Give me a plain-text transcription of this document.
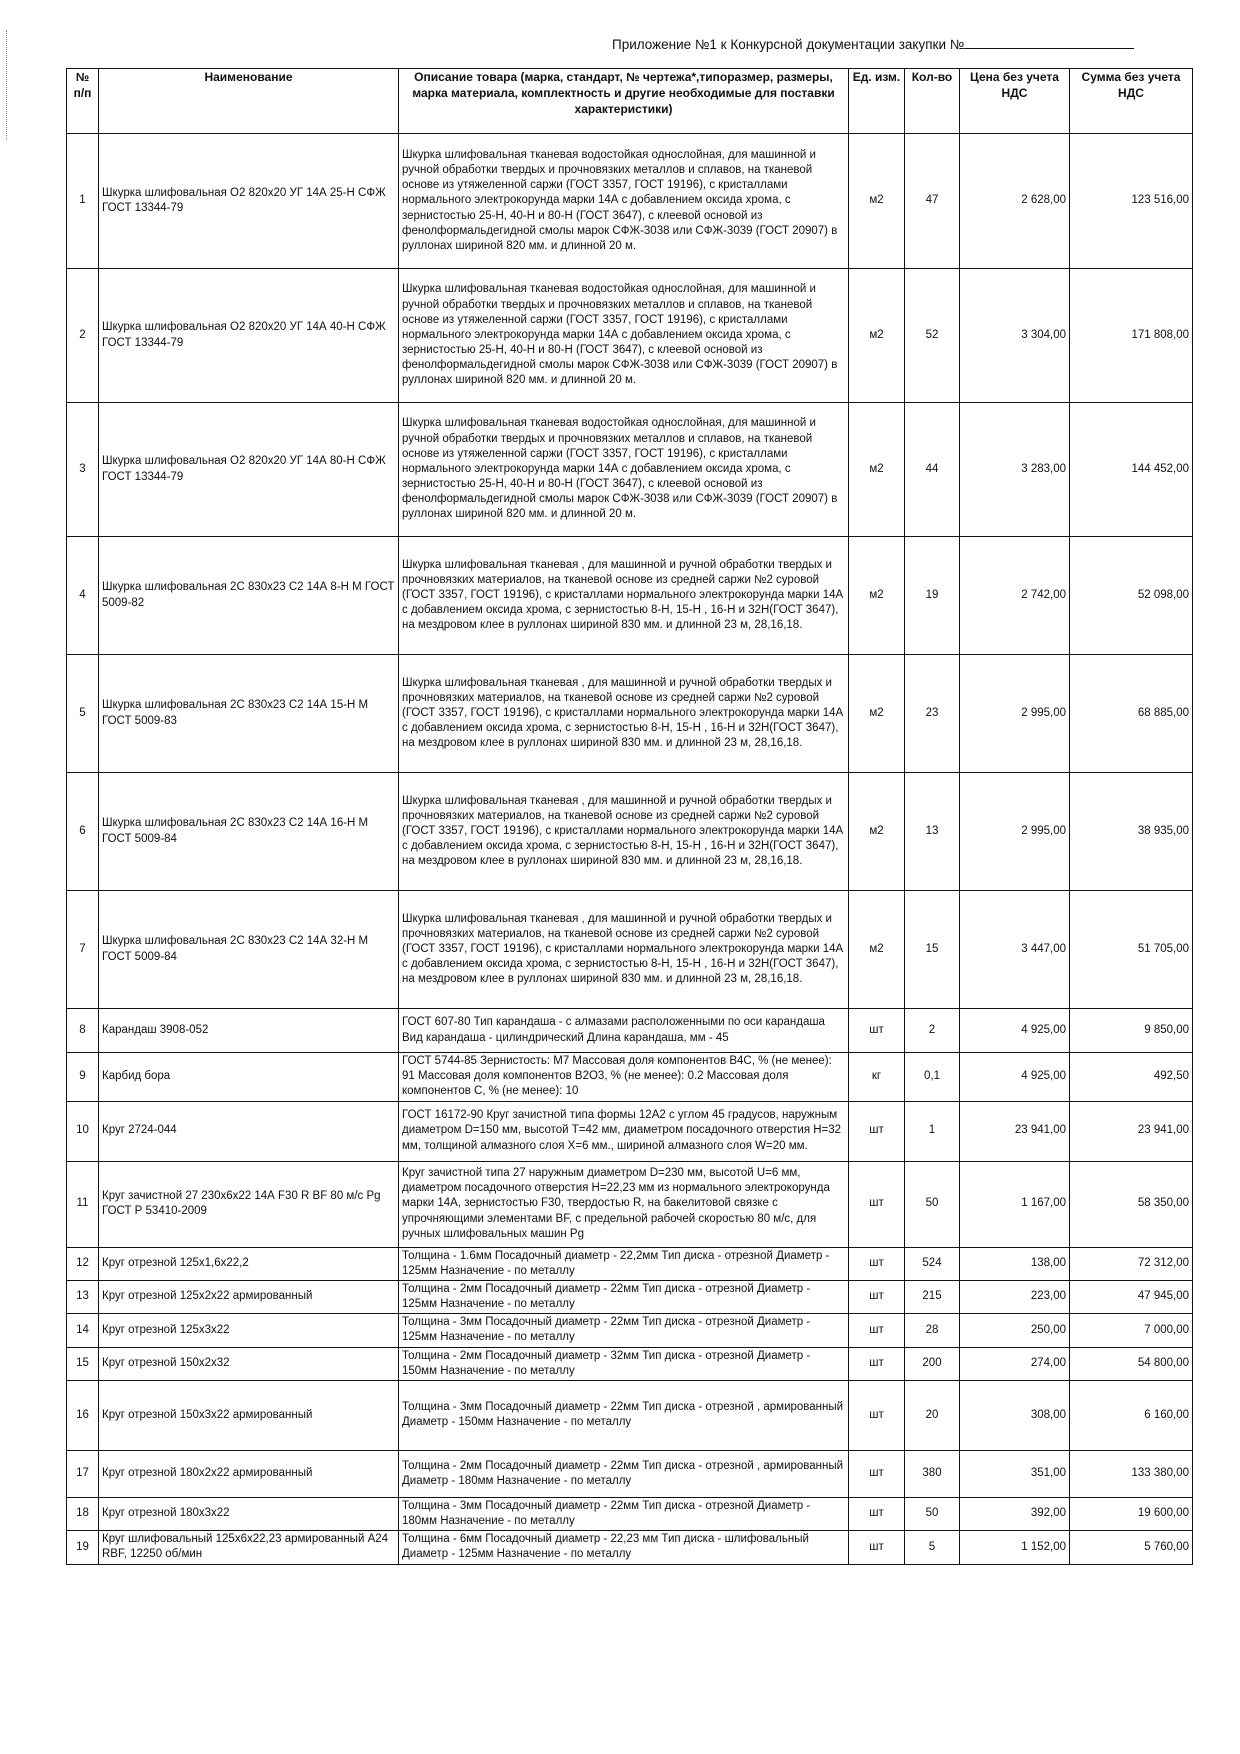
Приложение №1 к Конкурсной документации закупки №
№ п/п	Наименование	Описание товара (марка, стандарт, № чертежа*,типоразмер, размеры, марка материала, комплектность и другие необходимые для поставки характеристики)	Ед. изм.	Кол-во	Цена без учета НДС	Сумма без учета НДС
1	Шкурка шлифовальная О2 820х20 УГ 14А 25-Н СФЖ ГОСТ 13344-79	Шкурка шлифовальная тканевая водостойкая однослойная, для машинной и ручной обработки твердых и прочновязких металлов и сплавов, на тканевой основе из утяжеленной саржи (ГОСТ 3357, ГОСТ 19196), с кристаллами нормального электрокорунда марки 14А с добавлением оксида хрома, с зернистостью 25-Н, 40-Н и 80-Н (ГОСТ 3647), с клеевой основой из фенолформальдегидной смолы марок СФЖ-3038 или СФЖ-3039 (ГОСТ 20907) в руллонах шириной 820 мм. и длинной 20 м.	м2	47	2 628,00	123 516,00
2	Шкурка шлифовальная О2 820х20 УГ 14А 40-Н СФЖ ГОСТ 13344-79	Шкурка шлифовальная тканевая водостойкая однослойная, для машинной и ручной обработки твердых и прочновязких металлов и сплавов, на тканевой основе из утяжеленной саржи (ГОСТ 3357, ГОСТ 19196), с кристаллами нормального электрокорунда марки 14А с добавлением оксида хрома, с зернистостью 25-Н, 40-Н и 80-Н (ГОСТ 3647), с клеевой основой из фенолформальдегидной смолы марок СФЖ-3038 или СФЖ-3039 (ГОСТ 20907) в руллонах шириной 820 мм. и длинной 20 м.	м2	52	3 304,00	171 808,00
3	Шкурка шлифовальная О2 820х20 УГ 14А 80-Н СФЖ ГОСТ 13344-79	Шкурка шлифовальная тканевая водостойкая однослойная, для машинной и ручной обработки твердых и прочновязких металлов и сплавов, на тканевой основе из утяжеленной саржи (ГОСТ 3357, ГОСТ 19196), с кристаллами нормального электрокорунда марки 14А с добавлением оксида хрома, с зернистостью 25-Н, 40-Н и 80-Н (ГОСТ 3647), с клеевой основой из фенолформальдегидной смолы марок СФЖ-3038 или СФЖ-3039 (ГОСТ 20907) в руллонах шириной 820 мм. и длинной 20 м.	м2	44	3 283,00	144 452,00
4	Шкурка шлифовальная 2С 830х23 С2 14А 8-Н М ГОСТ 5009-82	Шкурка шлифовальная тканевая , для машинной и ручной обработки твердых и прочновязких материалов, на тканевой основе из средней саржи №2 суровой (ГОСТ 3357, ГОСТ 19196), с кристаллами нормального электрокорунда марки 14А с добавлением оксида хрома, с зернистостью 8-Н, 15-Н , 16-Н и 32Н(ГОСТ 3647), на мездровом клее в руллонах шириной 830 мм. и длинной 23 м, 28,16,18.	м2	19	2 742,00	52 098,00
5	Шкурка шлифовальная 2С 830х23 С2 14А 15-Н М ГОСТ 5009-83	Шкурка шлифовальная тканевая , для машинной и ручной обработки твердых и прочновязких материалов, на тканевой основе из средней саржи №2 суровой (ГОСТ 3357, ГОСТ 19196), с кристаллами нормального электрокорунда марки 14А с добавлением оксида хрома, с зернистостью 8-Н, 15-Н , 16-Н и 32Н(ГОСТ 3647), на мездровом клее в руллонах шириной 830 мм. и длинной 23 м, 28,16,18.	м2	23	2 995,00	68 885,00
6	Шкурка шлифовальная 2С 830х23 С2 14А 16-Н М ГОСТ 5009-84	Шкурка шлифовальная тканевая , для машинной и ручной обработки твердых и прочновязких материалов, на тканевой основе из средней саржи №2 суровой (ГОСТ 3357, ГОСТ 19196), с кристаллами нормального электрокорунда марки 14А с добавлением оксида хрома, с зернистостью 8-Н, 15-Н , 16-Н и 32Н(ГОСТ 3647), на мездровом клее в руллонах шириной 830 мм. и длинной 23 м, 28,16,18.	м2	13	2 995,00	38 935,00
7	Шкурка шлифовальная 2С 830х23 С2 14А 32-Н М ГОСТ 5009-84	Шкурка шлифовальная тканевая , для машинной и ручной обработки твердых и прочновязких материалов, на тканевой основе из средней саржи №2 суровой (ГОСТ 3357, ГОСТ 19196), с кристаллами нормального электрокорунда марки 14А с добавлением оксида хрома, с зернистостью 8-Н, 15-Н , 16-Н и 32Н(ГОСТ 3647), на мездровом клее в руллонах шириной 830 мм. и длинной 23 м, 28,16,18.	м2	15	3 447,00	51 705,00
8	Карандаш 3908-052	ГОСТ 607-80 Тип карандаша - с алмазами расположенными по оси карандаша Вид карандаша - цилиндрический Длина карандаша, мм - 45	шт	2	4 925,00	9 850,00
9	Карбид бора	ГОСТ 5744-85 Зернистость: М7 Массовая доля компонентов В4С, % (не менее): 91 Массовая доля компонентов В2О3, % (не менее): 0.2 Массовая доля компонентов С, % (не менее): 10	кг	0,1	4 925,00	492,50
10	Круг 2724-044	ГОСТ 16172-90 Круг зачистной типа формы 12А2 с углом 45 градусов, наружным диаметром D=150 мм, высотой Т=42 мм, диаметром посадочного отверстия Н=32 мм, толщиной алмазного слоя Х=6 мм., шириной алмазного слоя W=20 мм.	шт	1	23 941,00	23 941,00
11	Круг зачистной 27 230х6х22 14А F30 R BF 80 м/с Рg ГОСТ Р 53410-2009	Круг зачистной типа 27 наружным диаметром D=230 мм, высотой U=6 мм, диаметром посадочного отверстия Н=22,23 мм из нормального электрокорунда марки 14А, зернистостью F30, твердостью R, на бакелитовой связке с упрочняющими элементами BF, с предельной рабочей скоростью 80 м/с, для ручных шлифовальных машин Рg	шт	50	1 167,00	58 350,00
12	Круг отрезной 125х1,6х22,2	Толщина - 1.6мм Посадочный диаметр - 22,2мм Тип диска - отрезной Диаметр - 125мм Назначение - по металлу	шт	524	138,00	72 312,00
13	Круг отрезной 125х2х22 армированный	Толщина - 2мм Посадочный диаметр - 22мм Тип диска - отрезной Диаметр - 125мм Назначение - по металлу	шт	215	223,00	47 945,00
14	Круг отрезной 125х3х22	Толщина - 3мм Посадочный диаметр - 22мм Тип диска - отрезной Диаметр - 125мм Назначение - по металлу	шт	28	250,00	7 000,00
15	Круг отрезной 150х2х32	Толщина - 2мм Посадочный диаметр - 32мм Тип диска - отрезной Диаметр - 150мм Назначение - по металлу	шт	200	274,00	54 800,00
16	Круг отрезной 150х3х22 армированный	Толщина - 3мм Посадочный диаметр - 22мм Тип диска - отрезной , армированный Диаметр - 150мм Назначение - по металлу	шт	20	308,00	6 160,00
17	Круг отрезной 180х2х22 армированный	Толщина - 2мм Посадочный диаметр - 22мм Тип диска - отрезной , армированный Диаметр - 180мм Назначение - по металлу	шт	380	351,00	133 380,00
18	Круг отрезной 180х3х22	Толщина - 3мм Посадочный диаметр - 22мм Тип диска - отрезной Диаметр - 180мм Назначение - по металлу	шт	50	392,00	19 600,00
19	Круг шлифовальный 125х6х22,23 армированный А24 RBF, 12250 об/мин	Толщина - 6мм Посадочный диаметр - 22,23 мм Тип диска - шлифовальный Диаметр - 125мм Назначение - по металлу	шт	5	1 152,00	5 760,00
